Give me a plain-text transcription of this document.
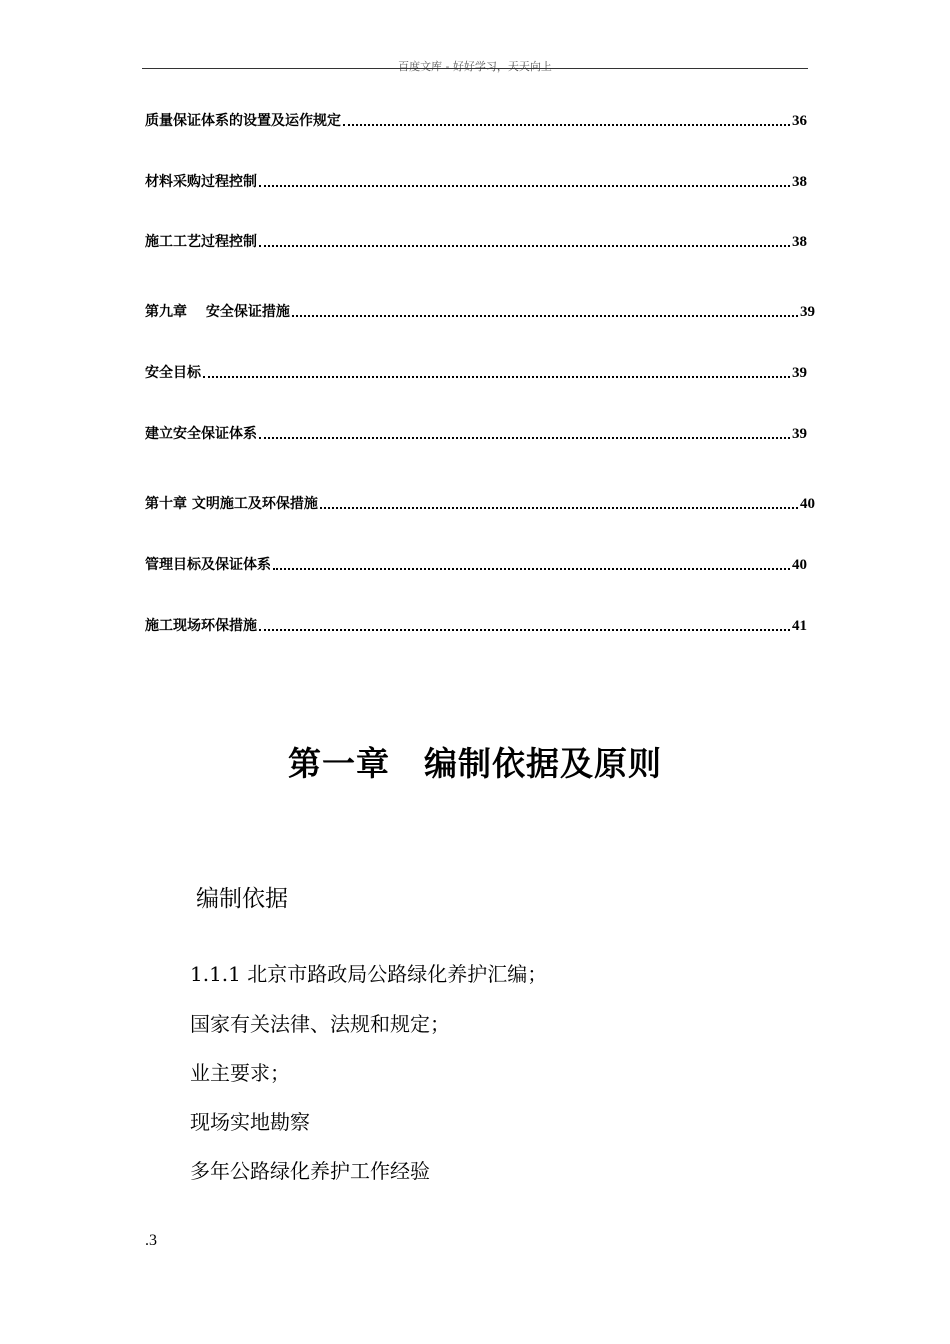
百度文库 - 好好学习，天天向上
质量保证体系的设置及运作规定	36
材料采购过程控制	38
施工工艺过程控制	38
第九章　 安全保证措施	39
安全目标	39
建立安全保证体系	39
第十章 文明施工及环保措施	40
管理目标及保证体系	40
施工现场环保措施	41
第一章　编制依据及原则
编制依据
1.1.1 北京市路政局公路绿化养护汇编；
国家有关法律、法规和规定；
业主要求；
现场实地勘察
多年公路绿化养护工作经验
.3
